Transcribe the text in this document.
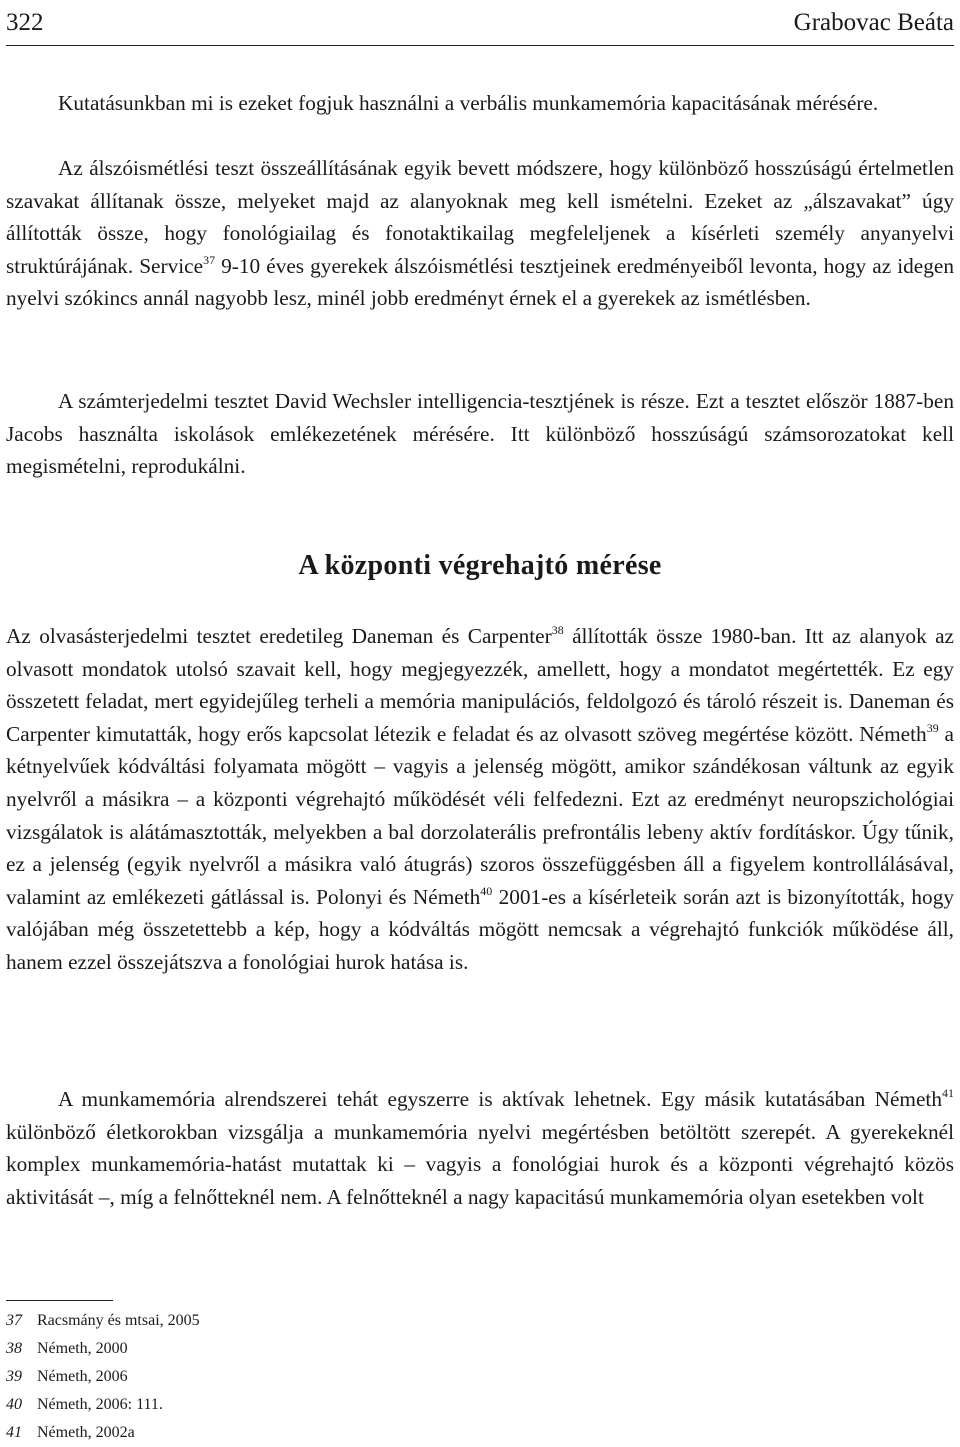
322	Grabovac Beáta

Kutatásunkban mi is ezeket fogjuk használni a verbális munkamemória kapacitásának mérésére.

Az álszóismétlési teszt összeállításának egyik bevett módszere, hogy különböző hosszúságú értelmetlen szavakat állítanak össze, melyeket majd az alanyoknak meg kell ismételni. Ezeket az „álszavakat” úgy állították össze, hogy fonológiailag és fonotaktikailag megfeleljenek a kísérleti személy anyanyelvi struktúrájának. Service$^{37}$ 9-10 éves gyerekek álszóismétlési tesztjeinek eredményeiből levonta, hogy az idegen nyelvi szókincs annál nagyobb lesz, minél jobb eredményt érnek el a gyerekek az ismétlésben.

A számterjedelmi tesztet David Wechsler intelligencia-tesztjének is része. Ezt a tesztet először 1887-ben Jacobs használta iskolások emlékezetének mérésére. Itt különböző hosszúságú számsorozatokat kell megismételni, reprodukálni.

A központi végrehajtó mérése

Az olvasásterjedelmi tesztet eredetileg Daneman és Carpenter$^{38}$ állították össze 1980-ban. Itt az alanyok az olvasott mondatok utolsó szavait kell, hogy megjegyezzék, amellett, hogy a mondatot megértették. Ez egy összetett feladat, mert egyidejűleg terheli a memória manipulációs, feldolgozó és tároló részeit is. Daneman és Carpenter kimutatták, hogy erős kapcsolat létezik e feladat és az olvasott szöveg megértése között. Németh$^{39}$ a kétnyelvűek kódváltási folyamata mögött – vagyis a jelenség mögött, amikor szándékosan váltunk az egyik nyelvről a másikra – a központi végrehajtó működését véli felfedezni. Ezt az eredményt neuropszichológiai vizsgálatok is alátámasztották, melyekben a bal dorzolaterális prefrontális lebeny aktív fordításkor. Úgy tűnik, ez a jelenség (egyik nyelvről a másikra való átugrás) szoros összefüggésben áll a figyelem kontrollálásával, valamint az emlékezeti gátlással is. Polonyi és Németh$^{40}$ 2001-es a kísérleteik során azt is bizonyították, hogy valójában még összetettebb a kép, hogy a kódváltás mögött nemcsak a végrehajtó funkciók működése áll, hanem ezzel összejátszva a fonológiai hurok hatása is.

A munkamemória alrendszerei tehát egyszerre is aktívak lehetnek. Egy másik kutatásában Németh$^{41}$ különböző életkorokban vizsgálja a munkamemória nyelvi megértésben betöltött szerepét. A gyerekeknél komplex munkamemória-hatást mutattak ki – vagyis a fonológiai hurok és a központi végrehajtó közös aktivitását –, míg a felnőtteknél nem. A felnőtteknél a nagy kapacitású munkamemória olyan esetekben volt

37 Racsmány és mtsai, 2005
38 Németh, 2000
39 Németh, 2006
40 Németh, 2006: 111.
41 Németh, 2002a
